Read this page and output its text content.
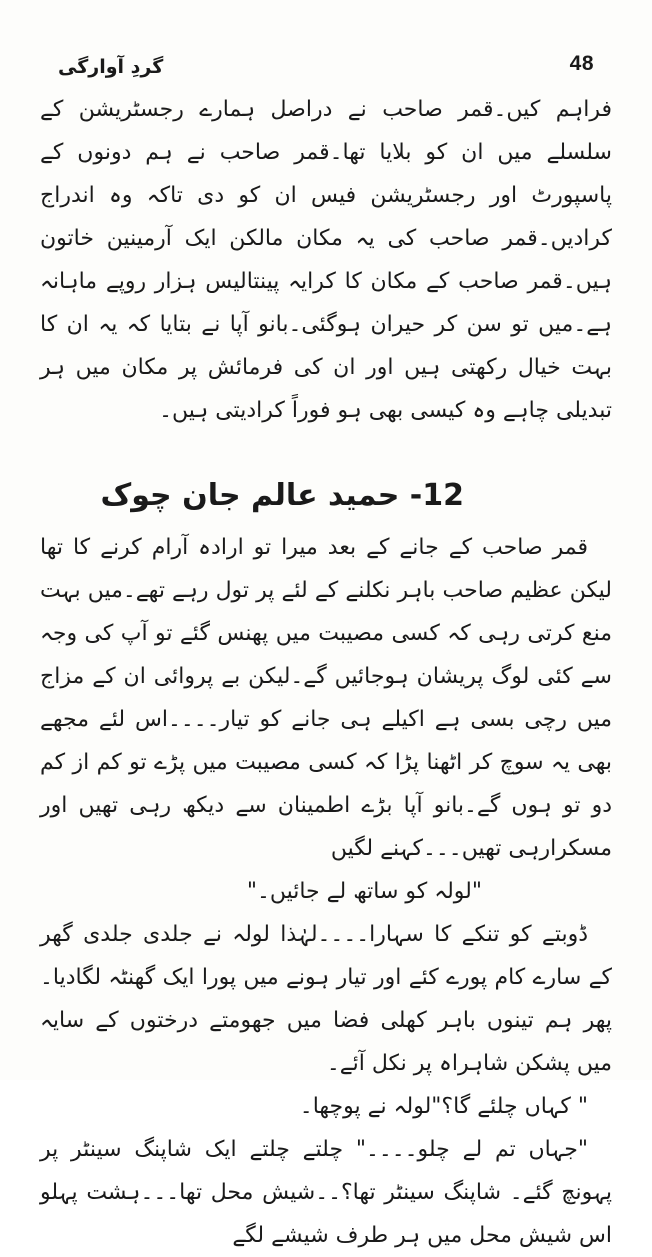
گردِ آوارگی	48

فراہم کیں۔قمر صاحب نے دراصل ہمارے رجسٹریشن کے سلسلے میں ان کو بلایا تھا۔قمر صاحب نے ہم دونوں کے پاسپورٹ اور رجسٹریشن فیس ان کو دی تاکہ وہ اندراج کرادیں۔قمر صاحب کی یہ مکان مالکن ایک آرمینین خاتون ہیں۔قمر صاحب کے مکان کا کرایہ پینتالیس ہزار روپے ماہانہ ہے۔میں تو سن کر حیران ہوگئی۔بانو آپا نے بتایا کہ یہ ان کا بہت خیال رکھتی ہیں اور ان کی فرمائش پر مکان میں ہر تبدیلی چاہے وہ کیسی بھی ہو فوراً کرادیتی ہیں۔

12- حمید عالم جان چوک

قمر صاحب کے جانے کے بعد میرا تو ارادہ آرام کرنے کا تھا لیکن عظیم صاحب باہر نکلنے کے لئے پر تول رہے تھے۔میں بہت منع کرتی رہی کہ کسی مصیبت میں پھنس گئے تو آپ کی وجہ سے کئی لوگ پریشان ہوجائیں گے۔لیکن بے پروائی ان کے مزاج میں رچی بسی ہے اکیلے ہی جانے کو تیار۔۔۔۔اس لئے مجھے بھی یہ سوچ کر اٹھنا پڑا کہ کسی مصیبت میں پڑے تو کم از کم دو تو ہوں گے۔بانو آپا بڑے اطمینان سے دیکھ رہی تھیں اور مسکرارہی تھیں۔۔۔کہنے لگیں

"لولہ کو ساتھ لے جائیں۔"

ڈوبتے کو تنکے کا سہارا۔۔۔۔لہٰذا لولہ نے جلدی جلدی گھر کے سارے کام پورے کئے اور تیار ہونے میں پورا ایک گھنٹہ لگادیا۔پھر ہم تینوں باہر کھلی فضا میں جھومتے درختوں کے سایہ میں پشکن شاہراہ پر نکل آئے۔

" کہاں چلئے گا؟"لولہ نے پوچھا۔

"جہاں تم لے چلو۔۔۔۔" چلتے چلتے ایک شاپنگ سینٹر پر پہونچ گئے۔ شاپنگ سینٹر تھا؟۔۔شیش محل تھا۔۔۔ہشت پہلو اس شیش محل میں ہر طرف شیشے لگے
